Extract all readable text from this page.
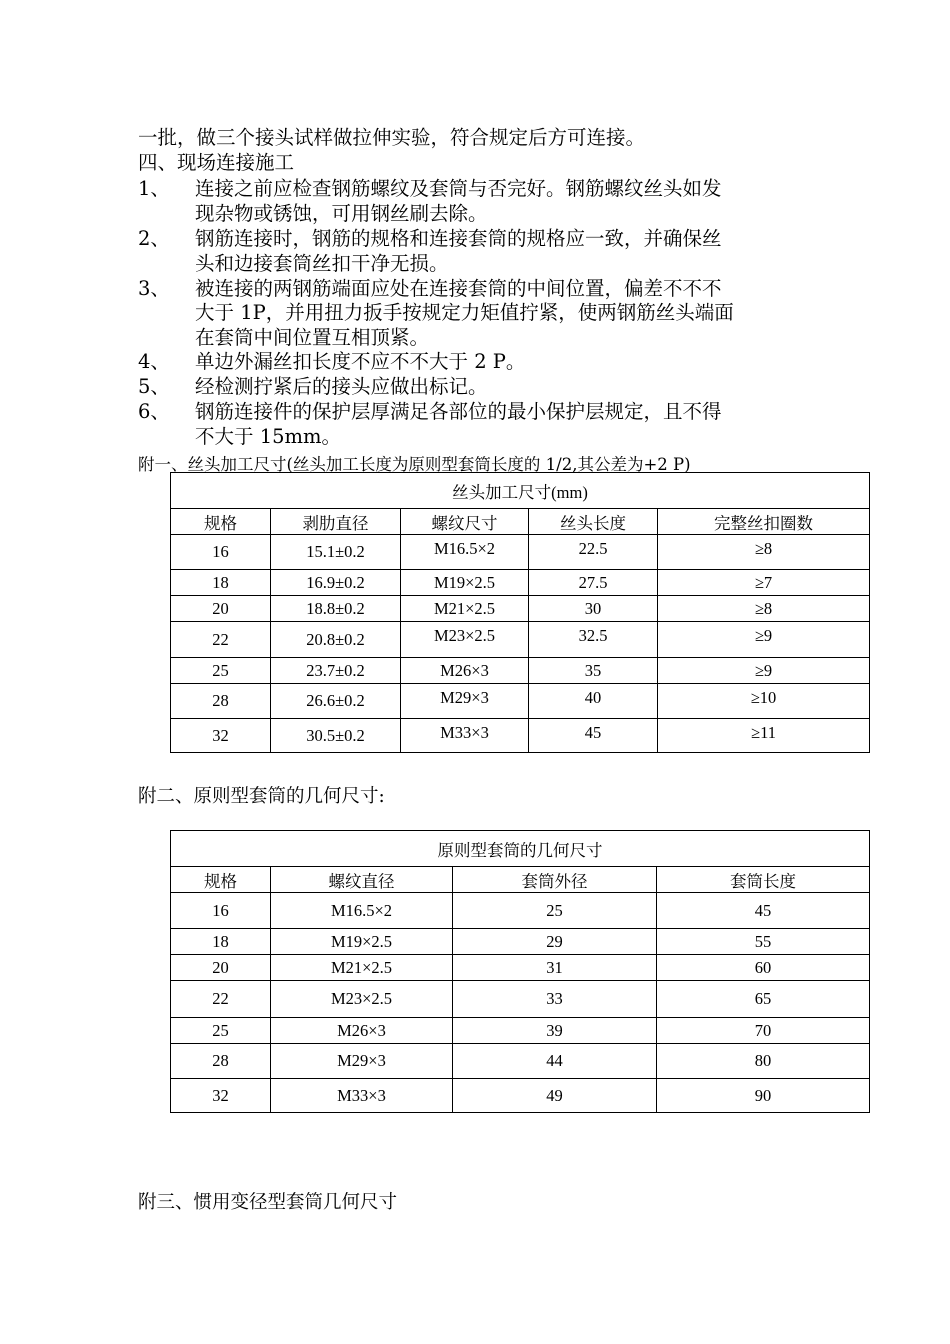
一批，做三个接头试样做拉伸实验，符合规定后方可连接。
四、现场连接施工
1、 连接之前应检查钢筋螺纹及套筒与否完好。钢筋螺纹丝头如发
现杂物或锈蚀，可用钢丝刷去除。
2、 钢筋连接时，钢筋的规格和连接套筒的规格应一致，并确保丝
头和边接套筒丝扣干净无损。
3、 被连接的两钢筋端面应处在连接套筒的中间位置，偏差不不不
大于 1P，并用扭力扳手按规定力矩值拧紧，使两钢筋丝头端面
在套筒中间位置互相顶紧。
4、 单边外漏丝扣长度不应不不大于 2 P。
5、 经检测拧紧后的接头应做出标记。
6、 钢筋连接件的保护层厚满足各部位的最小保护层规定，且不得
不大于 15mm。
附一、丝头加工尺寸(丝头加工长度为原则型套筒长度的 1/2,其公差为+2 P)
丝头加工尺寸(mm)				
规格	剥肋直径	螺纹尺寸	丝头长度	完整丝扣圈数
16	15.1±0.2	M16.5×2	22.5	≥8
18	16.9±0.2	M19×2.5	27.5	≥7
20	18.8±0.2	M21×2.5	30	≥8
22	20.8±0.2	M23×2.5	32.5	≥9
25	23.7±0.2	M26×3	35	≥9
28	26.6±0.2	M29×3	40	≥10
32	30.5±0.2	M33×3	45	≥11
附二、原则型套筒的几何尺寸:
原则型套筒的几何尺寸			
规格	螺纹直径	套筒外径	套筒长度
16	M16.5×2	25	45
18	M19×2.5	29	55
20	M21×2.5	31	60
22	M23×2.5	33	65
25	M26×3	39	70
28	M29×3	44	80
32	M33×3	49	90
附三、惯用变径型套筒几何尺寸
